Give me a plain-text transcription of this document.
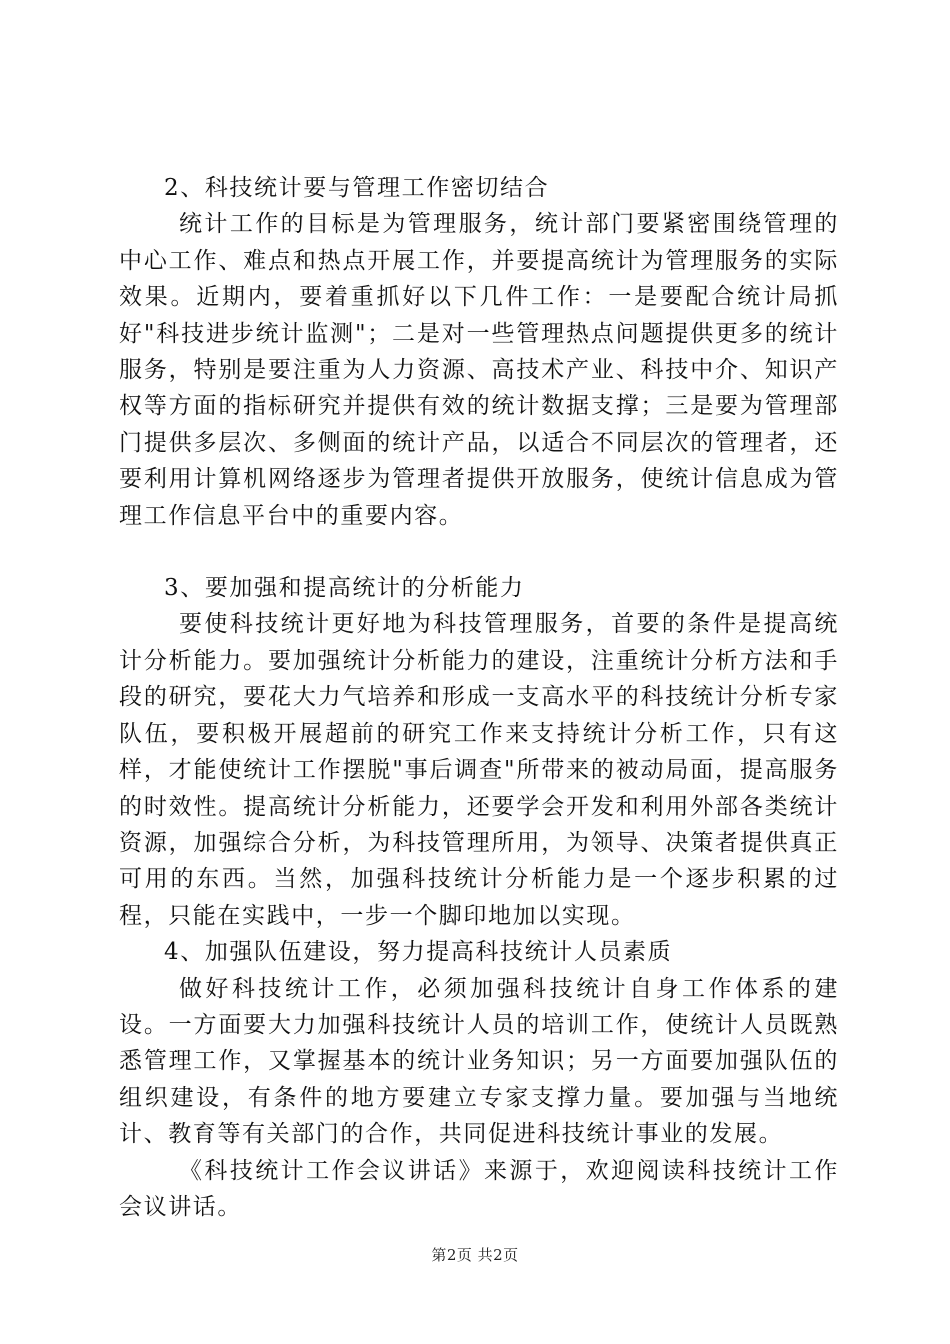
2、科技统计要与管理工作密切结合

统计工作的目标是为管理服务，统计部门要紧密围绕管理的中心工作、难点和热点开展工作，并要提高统计为管理服务的实际效果。近期内，要着重抓好以下几件工作：一是要配合统计局抓好"科技进步统计监测"；二是对一些管理热点问题提供更多的统计服务，特别是要注重为人力资源、高技术产业、科技中介、知识产权等方面的指标研究并提供有效的统计数据支撑；三是要为管理部门提供多层次、多侧面的统计产品，以适合不同层次的管理者，还要利用计算机网络逐步为管理者提供开放服务，使统计信息成为管理工作信息平台中的重要内容。

3、要加强和提高统计的分析能力

要使科技统计更好地为科技管理服务，首要的条件是提高统计分析能力。要加强统计分析能力的建设，注重统计分析方法和手段的研究，要花大力气培养和形成一支高水平的科技统计分析专家队伍，要积极开展超前的研究工作来支持统计分析工作，只有这样，才能使统计工作摆脱"事后调查"所带来的被动局面，提高服务的时效性。提高统计分析能力，还要学会开发和利用外部各类统计资源，加强综合分析，为科技管理所用，为领导、决策者提供真正可用的东西。当然，加强科技统计分析能力是一个逐步积累的过程，只能在实践中，一步一个脚印地加以实现。

4、加强队伍建设，努力提高科技统计人员素质

做好科技统计工作，必须加强科技统计自身工作体系的建设。一方面要大力加强科技统计人员的培训工作，使统计人员既熟悉管理工作，又掌握基本的统计业务知识；另一方面要加强队伍的组织建设，有条件的地方要建立专家支撑力量。要加强与当地统计、教育等有关部门的合作，共同促进科技统计事业的发展。

《科技统计工作会议讲话》来源于，欢迎阅读科技统计工作会议讲话。

第2页 共2页
